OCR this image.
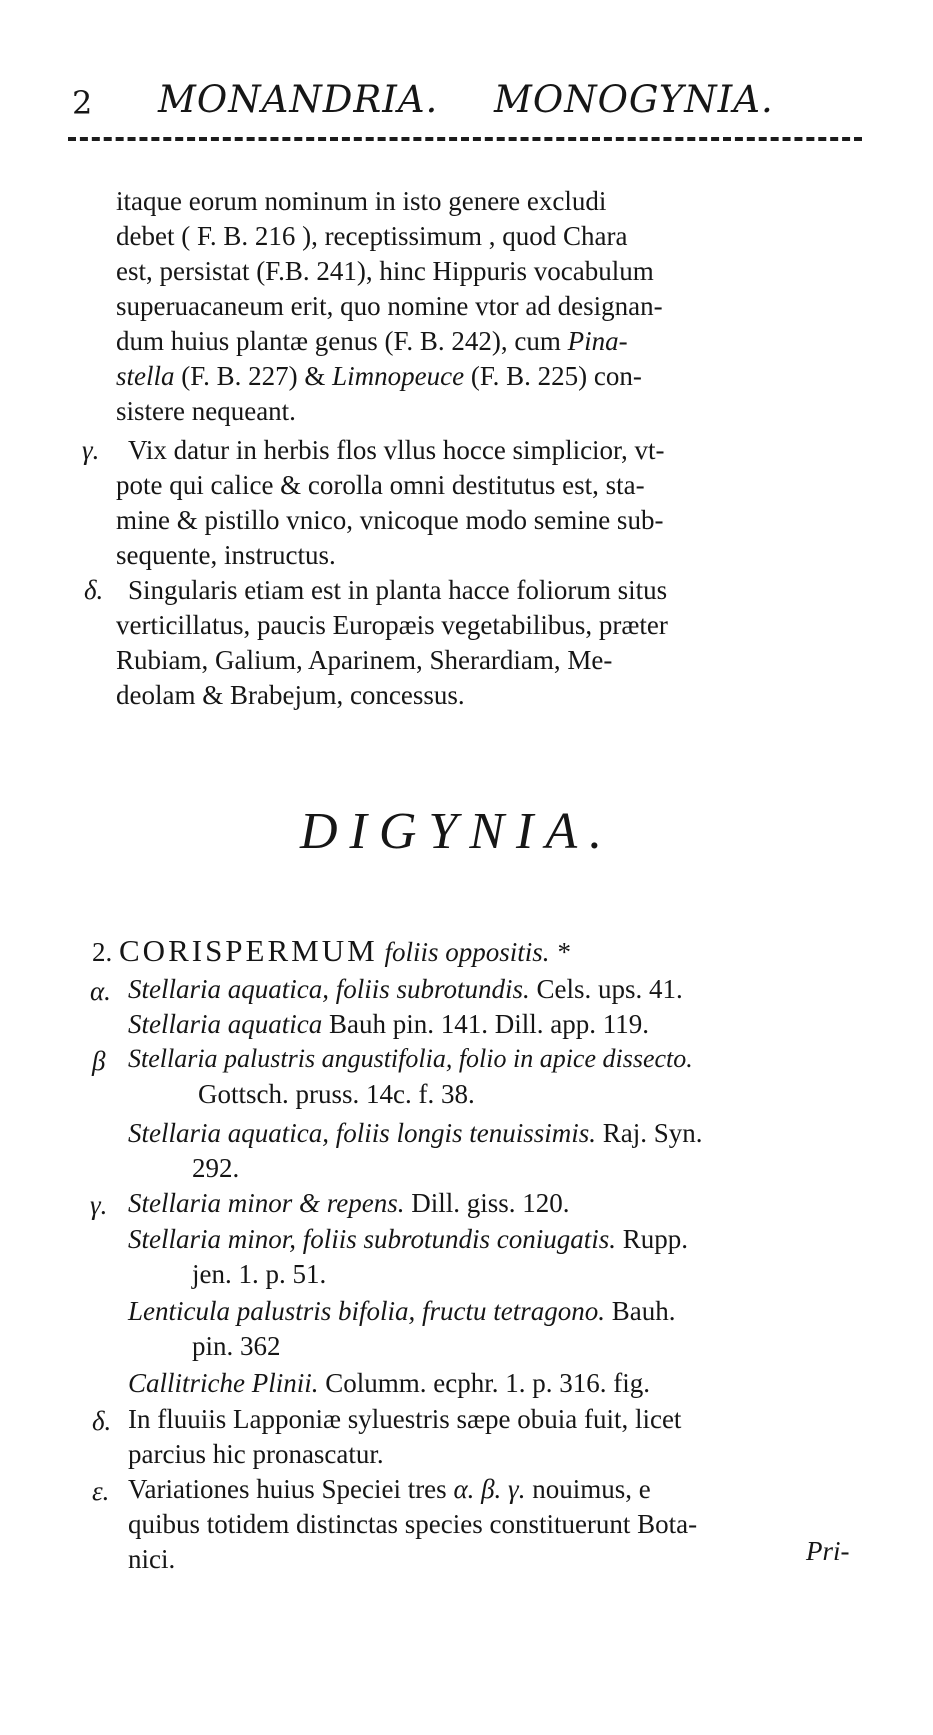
2 MONANDRIA. MONOGYNIA.
itaque eorum nominum in isto genere excludi
debet ( F. B. 216 ), receptissimum , quod Chara
est, persistat (F.B. 241), hinc Hippuris vocabulum
superuacaneum erit, quo nomine vtor ad designan-
dum huius plantæ genus (F. B. 242), cum Pina-
stella (F. B. 227) & Limnopeuce (F. B. 225) con-
sistere nequeant.
γ. Vix datur in herbis flos vllus hocce simplicior, vt-
pote qui calice & corolla omni destitutus est, sta-
mine & pistillo vnico, vnicoque modo semine sub-
sequente, instructus.
δ. Singularis etiam est in planta hacce foliorum situs
verticillatus, paucis Europæis vegetabilibus, præter
Rubiam, Galium, Aparinem, Sherardiam, Me-
deolam & Brabejum, concessus.
DIGYNIA.
2. CORISPERMUM foliis oppositis. *
α. Stellaria aquatica, foliis subrotundis. Cels. ups. 41.
Stellaria aquatica Bauh pin. 141. Dill. app. 119.
β Stellaria palustris angustifolia, folio in apice dissecto.
Gottsch. pruss. 14c. f. 38.
Stellaria aquatica, foliis longis tenuissimis. Raj. Syn.
292.
γ. Stellaria minor & repens. Dill. giss. 120.
Stellaria minor, foliis subrotundis coniugatis. Rupp.
jen. 1. p. 51.
Lenticula palustris bifolia, fructu tetragono. Bauh.
pin. 362
Callitriche Plinii. Columm. ecphr. 1. p. 316. fig.
δ. In fluuiis Lapponiæ syluestris sæpe obuia fuit, licet
parcius hic pronascatur.
ε. Variationes huius Speciei tres α. β. γ. nouimus, e
quibus totidem distinctas species constituerunt Bota-
nici.	Pri-
